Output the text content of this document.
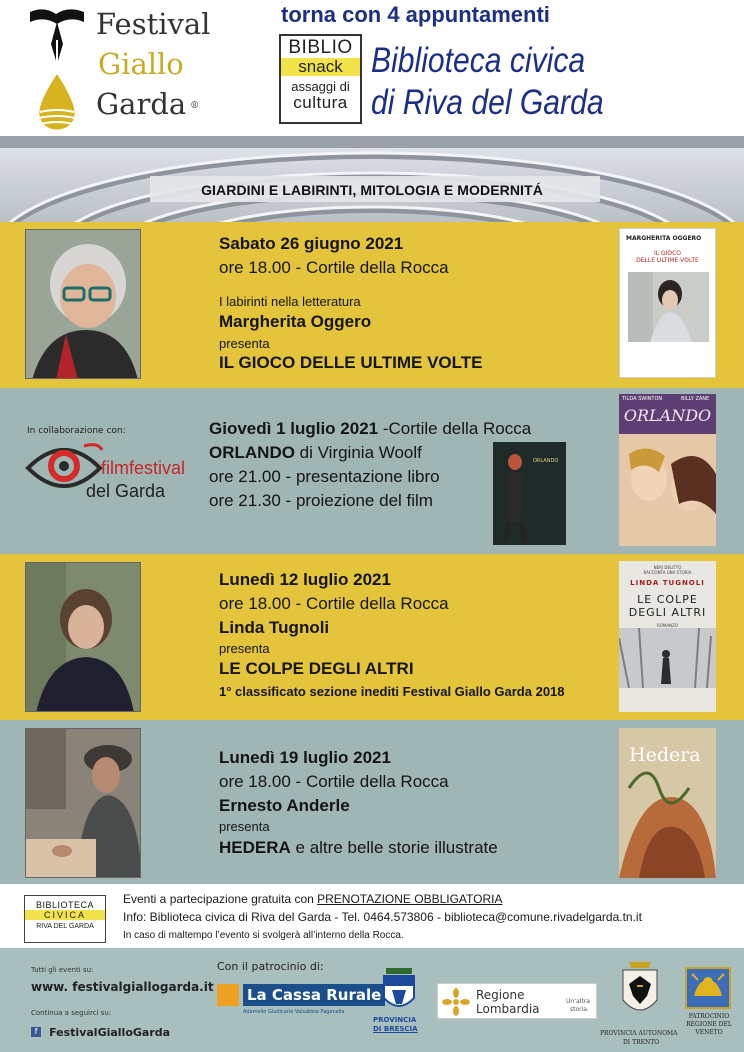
Festival
Giallo
Garda ®
torna con 4 appuntamenti
BIBLIO
snack
assaggi di
cultura
Biblioteca civica
di Riva del Garda
GIARDINI E LABIRINTI, MITOLOGIA E MODERNITÁ
Sabato 26 giugno 2021
ore 18.00 - Cortile della Rocca
I labirinti nella letteratura
Margherita Oggero
presenta
IL GIOCO DELLE ULTIME VOLTE
MARGHERITA OGGERO
IL GIOCO
DELLE ULTIME VOLTE
In collaborazione con:
filmfestival
del Garda
Giovedì 1 luglio 2021 -Cortile della Rocca
ORLANDO di Virginia Woolf
ore 21.00 - presentazione libro
ore 21.30 - proiezione del film
ORLANDO
TILDA SWINTON	BILLY ZANE
ORLANDO
Lunedì 12 luglio 2021
ore 18.00 - Cortile della Rocca
Linda Tugnoli
presenta
LE COLPE DEGLI ALTRI
1° classificato sezione inediti Festival Giallo Garda 2018
NERI DELITTO
RACCONTA UNA STORIA
LINDA TUGNOLI
LE COLPE
DEGLI ALTRI
ROMANZO
Lunedì 19 luglio 2021
ore 18.00 - Cortile della Rocca
Ernesto Anderle
presenta
HEDERA e altre belle storie illustrate
Hedera
BIBLIOTECA
CIVICA
RIVA DEL GARDA
Eventi a partecipazione gratuita con PRENOTAZIONE OBBLIGATORIA
Info: Biblioteca civica di Riva del Garda - Tel. 0464.573806 - biblioteca@comune.rivadelgarda.tn.it
In caso di maltempo l’evento si svolgerà all’interno della Rocca.
Tutti gli eventi su:
www. festivalgiallogarda.it
Continua a seguirci su:
f FestivalGialloGarda
Con il patrocinio di:
La Cassa Rurale
Adamello Giudicarie Valsabbia Paganella
PROVINCIA
DI BRESCIA
Regione
Lombardia
Un’altra
storia.
PROVINCIA AUTONOMA
DI TRENTO
PATROCINIO
REGIONE DEL
VENETO
